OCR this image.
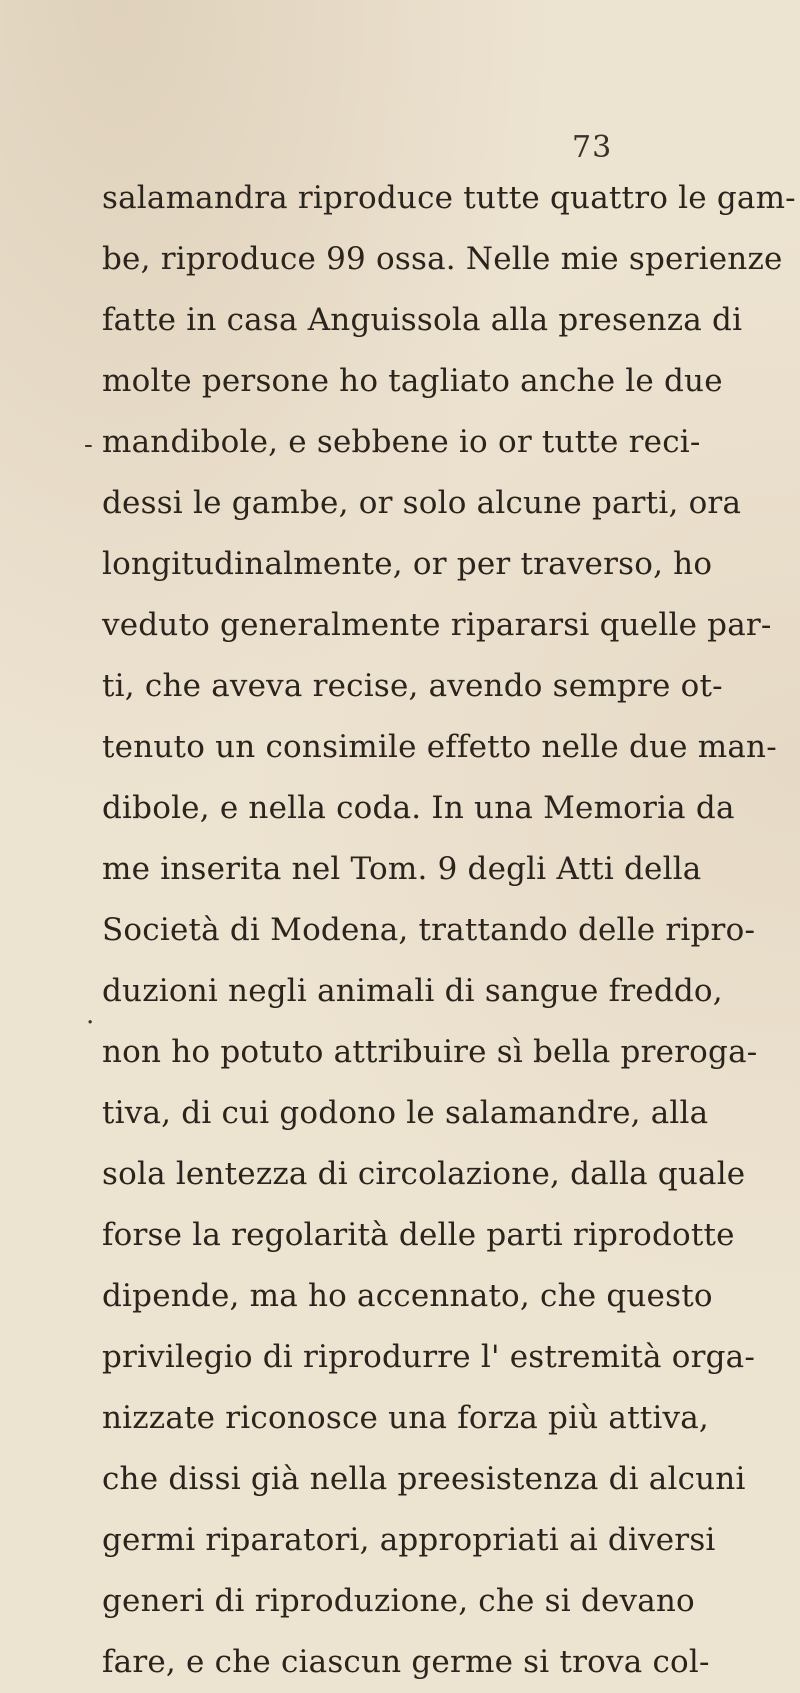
73
-
.
salamandra riproduce tutte quattro le gam-
be, riproduce 99 ossa. Nelle mie sperienze
fatte in casa Anguissola alla presenza di
molte persone ho tagliato anche le due
mandibole, e sebbene io or tutte reci-
dessi le gambe, or solo alcune parti, ora
longitudinalmente, or per traverso, ho
veduto generalmente ripararsi quelle par-
ti, che aveva recise, avendo sempre ot-
tenuto un consimile effetto nelle due man-
dibole, e nella coda. In una Memoria da
me inserita nel Tom. 9 degli Atti della
Società di Modena, trattando delle ripro-
duzioni negli animali di sangue freddo,
non ho potuto attribuire sì bella preroga-
tiva, di cui godono le salamandre, alla
sola lentezza di circolazione, dalla quale
forse la regolarità delle parti riprodotte
dipende, ma ho accennato, che questo
privilegio di riprodurre l' estremità orga-
nizzate riconosce una forza più attiva,
che dissi già nella preesistenza di alcuni
germi riparatori, appropriati ai diversi
generi di riproduzione, che si devano
fare, e che ciascun germe si trova col-
